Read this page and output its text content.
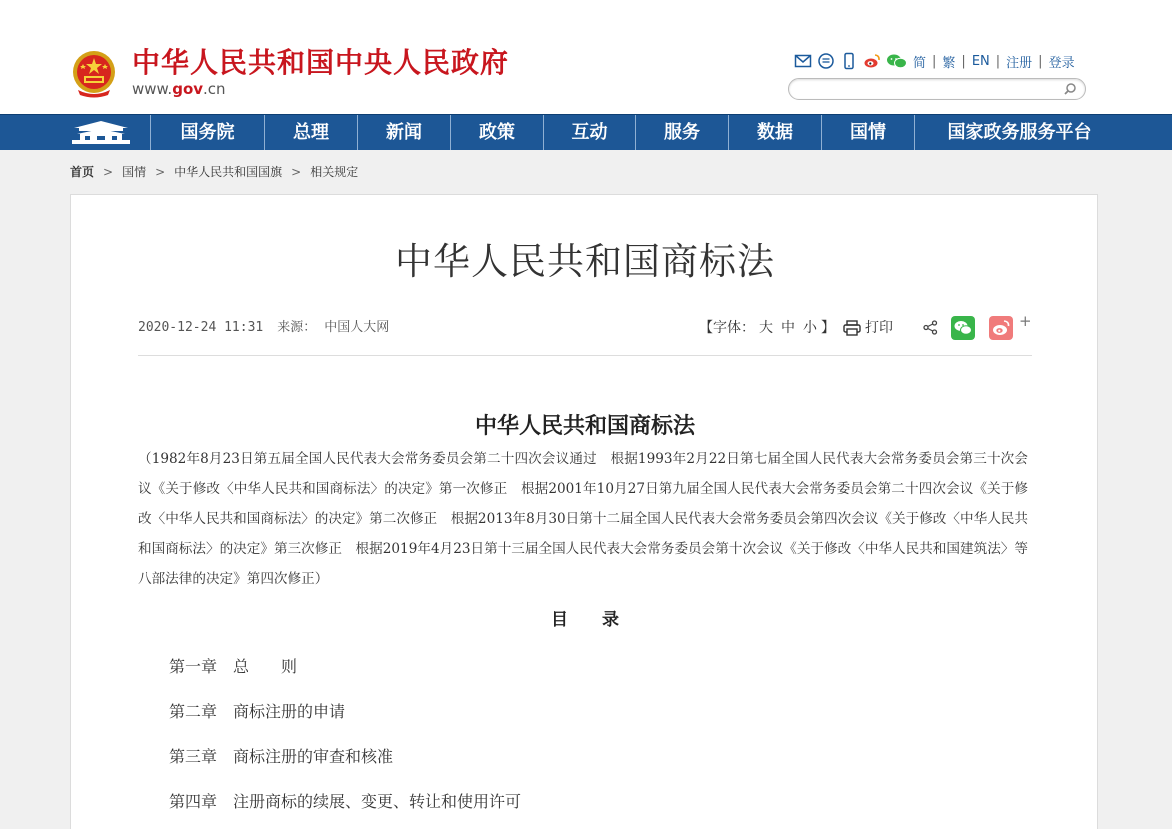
中华人民共和国中央人民政府
www.gov.cn
简 | 繁 | EN | 注册 | 登录
国务院	总理	新闻	政策	互动	服务	数据	国情	国家政务服务平台
首页 > 国情 > 中华人民共和国国旗 > 相关规定
中华人民共和国商标法
2020-12-24 11:31 来源： 中国人大网	【字体： 大 中 小 】 打印	+
中华人民共和国商标法
（1982年8月23日第五届全国人民代表大会常务委员会第二十四次会议通过　根据1993年2月22日第七届全国人民代表大会常务委员会第三十次会议《关于修改〈中华人民共和国商标法〉的决定》第一次修正　根据2001年10月27日第九届全国人民代表大会常务委员会第二十四次会议《关于修改〈中华人民共和国商标法〉的决定》第二次修正　根据2013年8月30日第十二届全国人民代表大会常务委员会第四次会议《关于修改〈中华人民共和国商标法〉的决定》第三次修正　根据2019年4月23日第十三届全国人民代表大会常务委员会第十次会议《关于修改〈中华人民共和国建筑法〉等八部法律的决定》第四次修正）
目　　录
第一章 总　　则
第二章 商标注册的申请
第三章 商标注册的审查和核准
第四章 注册商标的续展、变更、转让和使用许可
